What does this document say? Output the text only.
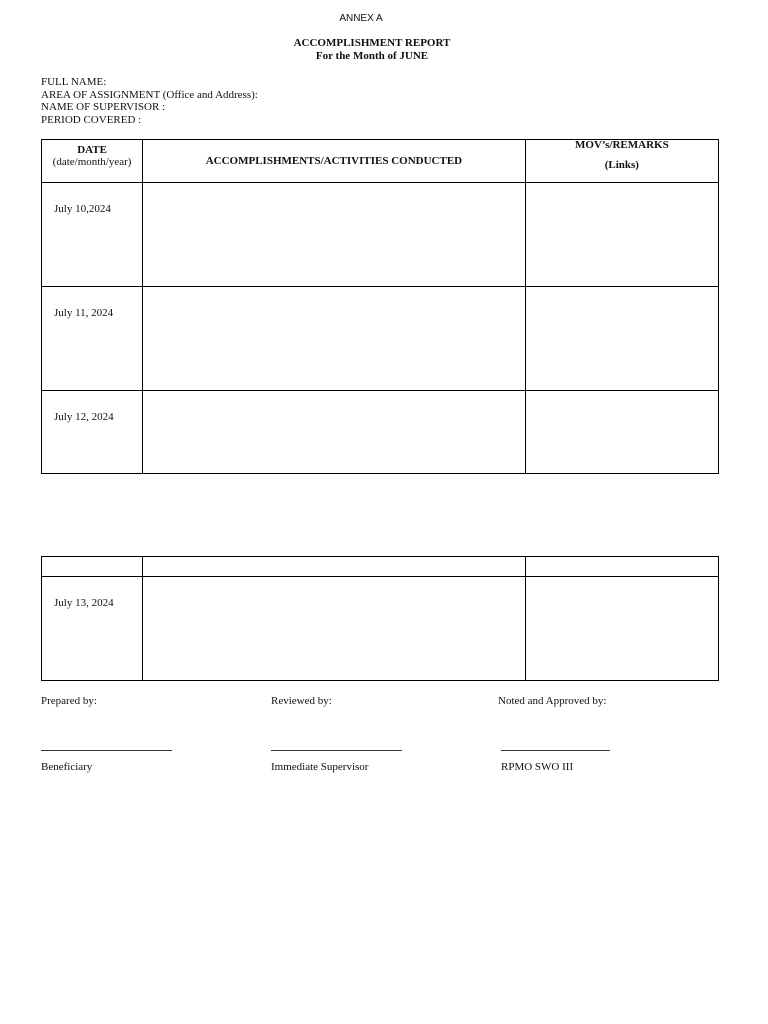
ANNEX A
ACCOMPLISHMENT REPORT
For the Month of JUNE
FULL NAME:
AREA OF ASSIGNMENT (Office and Address):
NAME OF SUPERVISOR :
PERIOD COVERED :
DATE
(date/month/year)	ACCOMPLISHMENTS/ACTIVITIES CONDUCTED	MOV’s/REMARKS
(Links)

July 10,2024		
July 11, 2024		
July 12, 2024		

July 13, 2024		
Prepared by:	Reviewed by:	Noted and Approved by:
Beneficiary	Immediate Supervisor	RPMO SWO III
